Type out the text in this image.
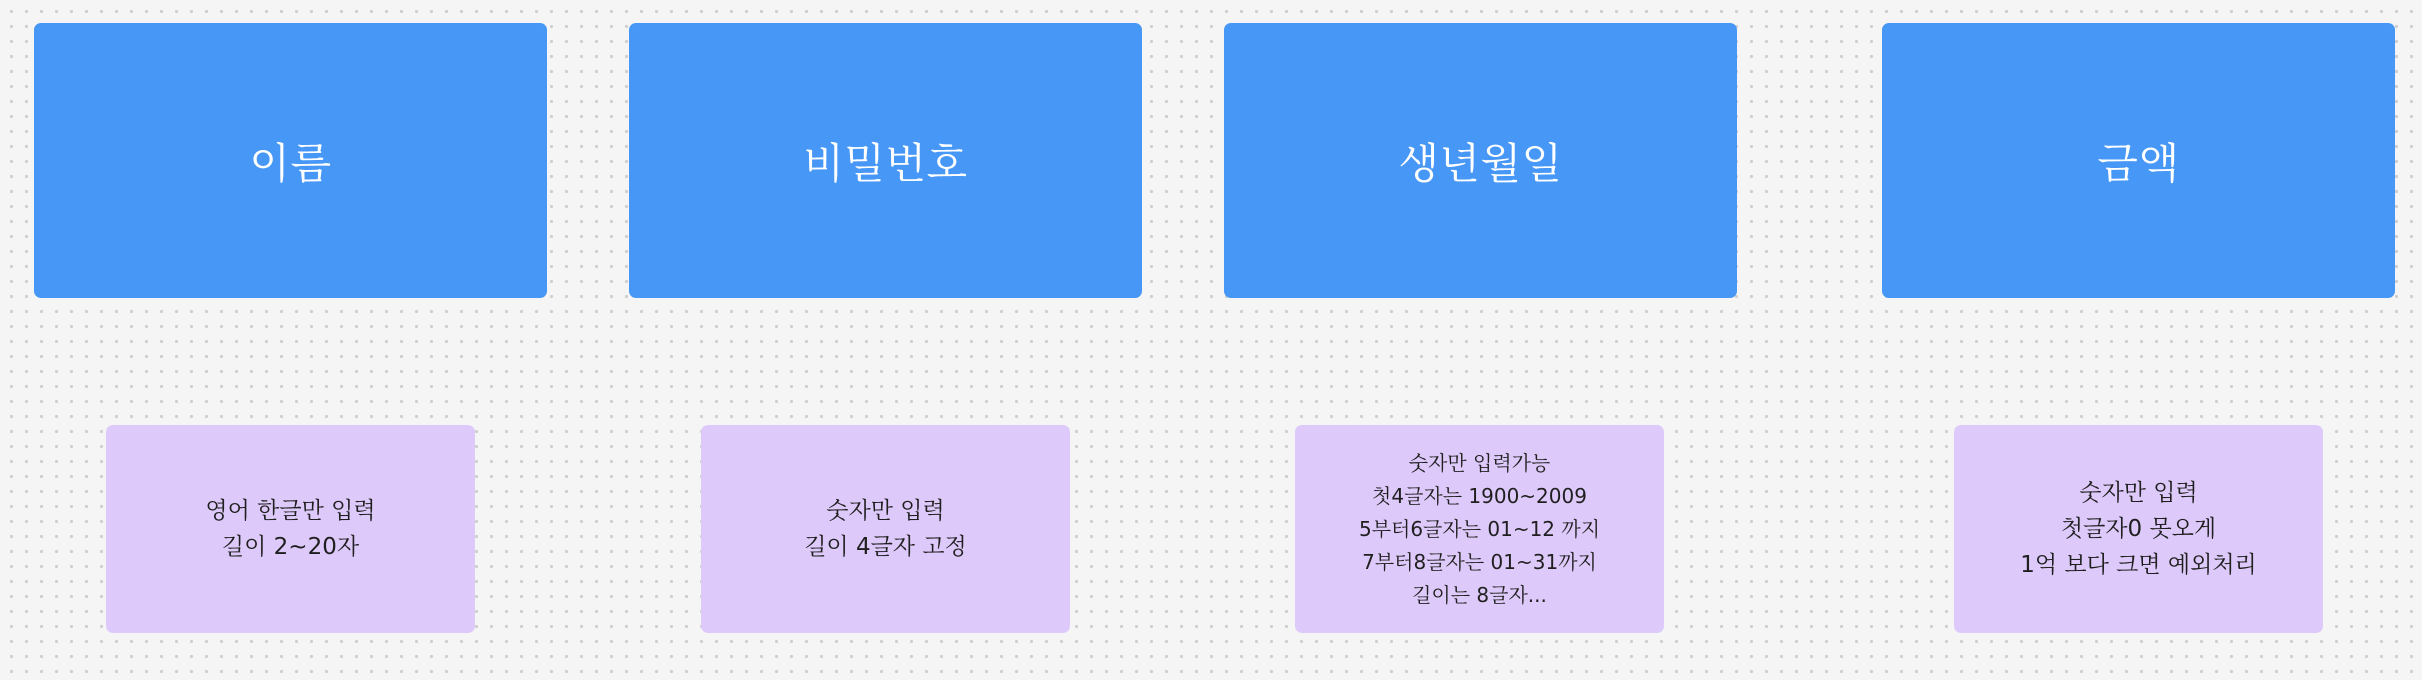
이름	비밀번호	생년월일	금액
영어 한글만 입력
길이 2~20자
숫자만 입력
길이 4글자 고정
숫자만 입력가능
첫4글자는 1900~2009
5부터6글자는 01~12 까지
7부터8글자는 01~31까지
길이는 8글자...
숫자만 입력
첫글자0 못오게
1억 보다 크면 예외처리
